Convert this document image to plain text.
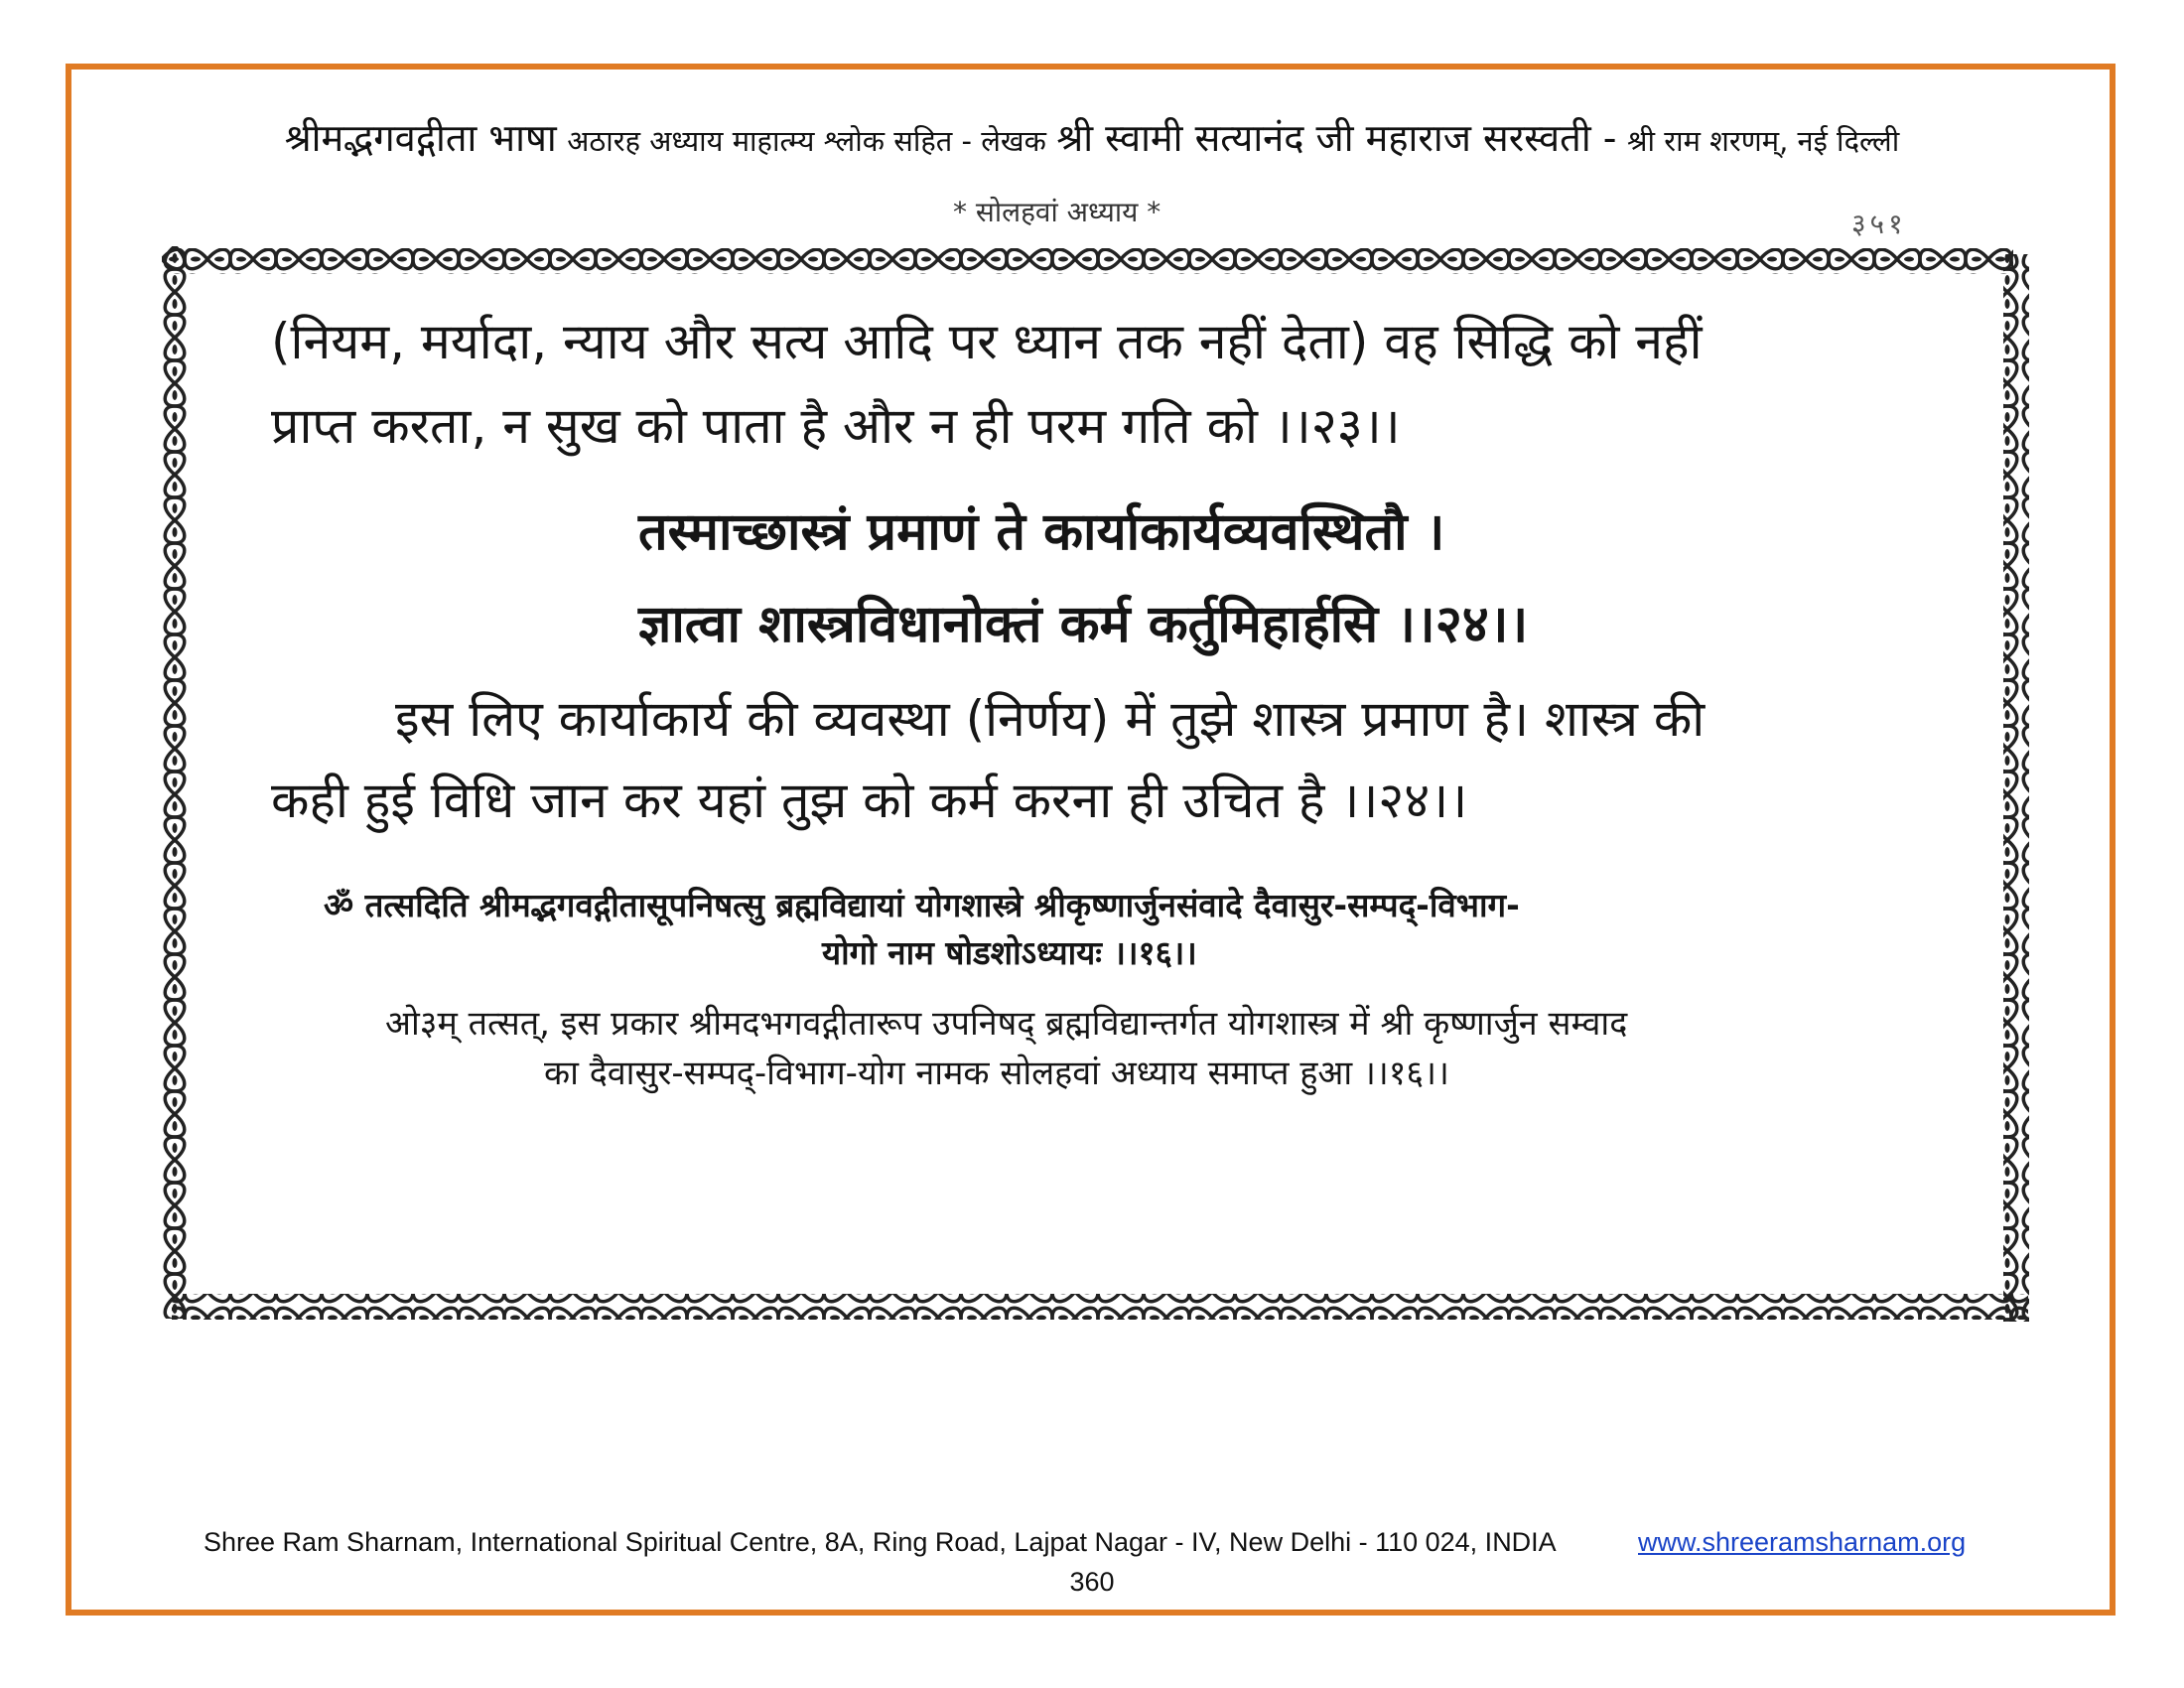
श्रीमद्भगवद्गीता भाषा अठारह अध्याय माहात्म्य श्लोक सहित - लेखक श्री स्वामी सत्यानंद जी महाराज सरस्वती - श्री राम शरणम्, नई दिल्ली
* सोलहवां अध्याय *	३५१
(नियम, मर्यादा, न्याय और सत्य आदि पर ध्यान तक नहीं देता) वह सिद्धि को नहीं
प्राप्त करता, न सुख को पाता है और न ही परम गति को ।।२३।।
तस्माच्छास्त्रं प्रमाणं ते कार्याकार्यव्यवस्थितौ ।
ज्ञात्वा शास्त्रविधानोक्तं कर्म कर्तुमिहार्हसि ।।२४।।
इस लिए कार्याकार्य की व्यवस्था (निर्णय) में तुझे शास्त्र प्रमाण है। शास्त्र की
कही हुई विधि जान कर यहां तुझ को कर्म करना ही उचित है ।।२४।।
ॐ तत्सदिति श्रीमद्भगवद्गीतासूपनिषत्सु ब्रह्मविद्यायां योगशास्त्रे श्रीकृष्णार्जुनसंवादे दैवासुर-सम्पद्-विभाग-
योगो नाम षोडशोऽध्यायः ।।१६।।
ओ३म् तत्सत्, इस प्रकार श्रीमदभगवद्गीतारूप उपनिषद् ब्रह्मविद्यान्तर्गत योगशास्त्र में श्री कृष्णार्जुन सम्वाद
का दैवासुर-सम्पद्-विभाग-योग नामक सोलहवां अध्याय समाप्त हुआ ।।१६।।
Shree Ram Sharnam, International Spiritual Centre, 8A, Ring Road, Lajpat Nagar - IV, New Delhi - 110 024, INDIA	www.shreeramsharnam.org
360
